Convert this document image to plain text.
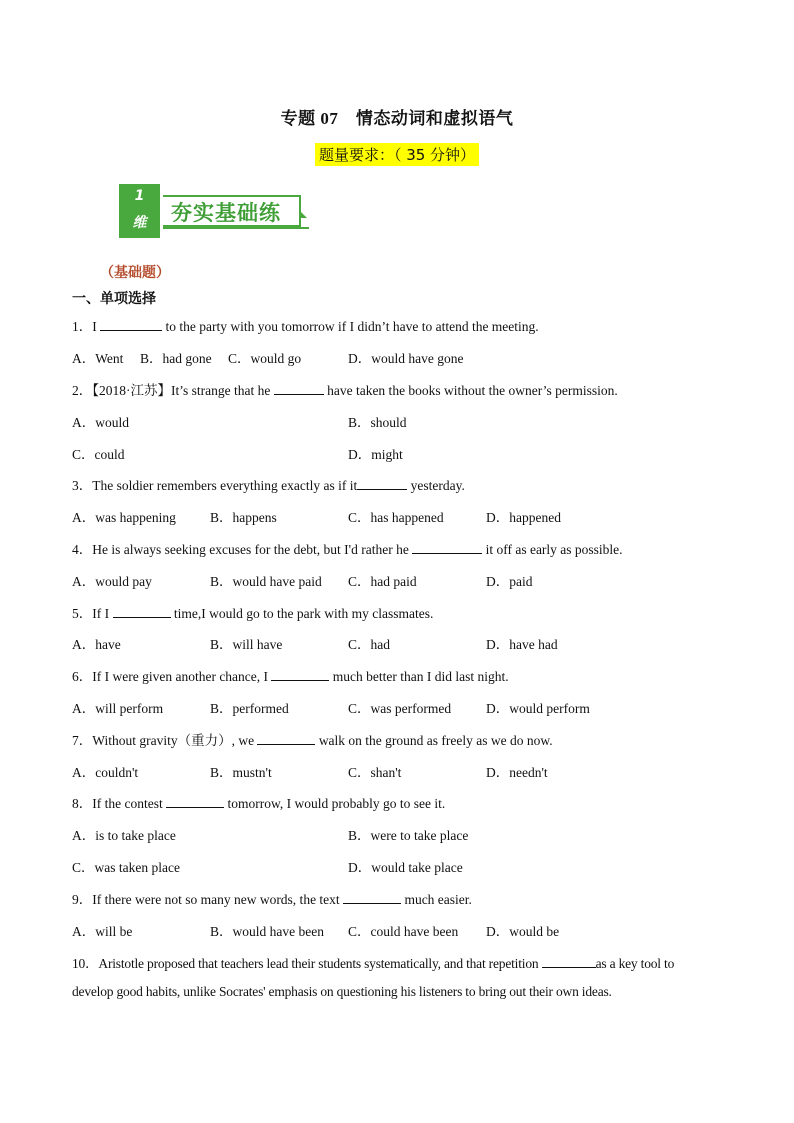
专题 07　情态动词和虚拟语气
题量要求：（ 35 分钟）
1
维	夯实基础练
（基础题）
一、单项选择
1．I	to the party with you tomorrow if I didn’t have to attend the meeting.
A．Went B．had gone C．would go	D．would have gone
2．【2018·江苏】It’s strange that he	have taken the books without the owner’s permission.
A．would	B．should
C．could	D．might
3．The soldier remembers everything exactly as if it	yesterday.
A．was happening	B．happens	C．has happened	D．happened
4．He is always seeking excuses for the debt, but I'd rather he	it off as early as possible.
A．would pay	B．would have paid C．had paid	D．paid
5．If I	time,I would go to the park with my classmates.
A．have	B．will have	C．had	D．have had
6．If I were given another chance, I	much better than I did last night.
A．will perform	B．performed	C．was performed	D．would perform
7．Without gravity（重力）, we	walk on the ground as freely as we do now.
A．couldn't	B．mustn't	C．shan't	D．needn't
8．If the contest	tomorrow, I would probably go to see it.
A．is to take place	B．were to take place
C．was taken place	D．would take place
9．If there were not so many new words, the text	much easier.
A．will be	B．would have been C．could have been D．would be
10．Aristotle proposed that teachers lead their students systematically, and that repetition	as a key tool to
develop good habits, unlike Socrates' emphasis on questioning his listeners to bring out their own ideas.
